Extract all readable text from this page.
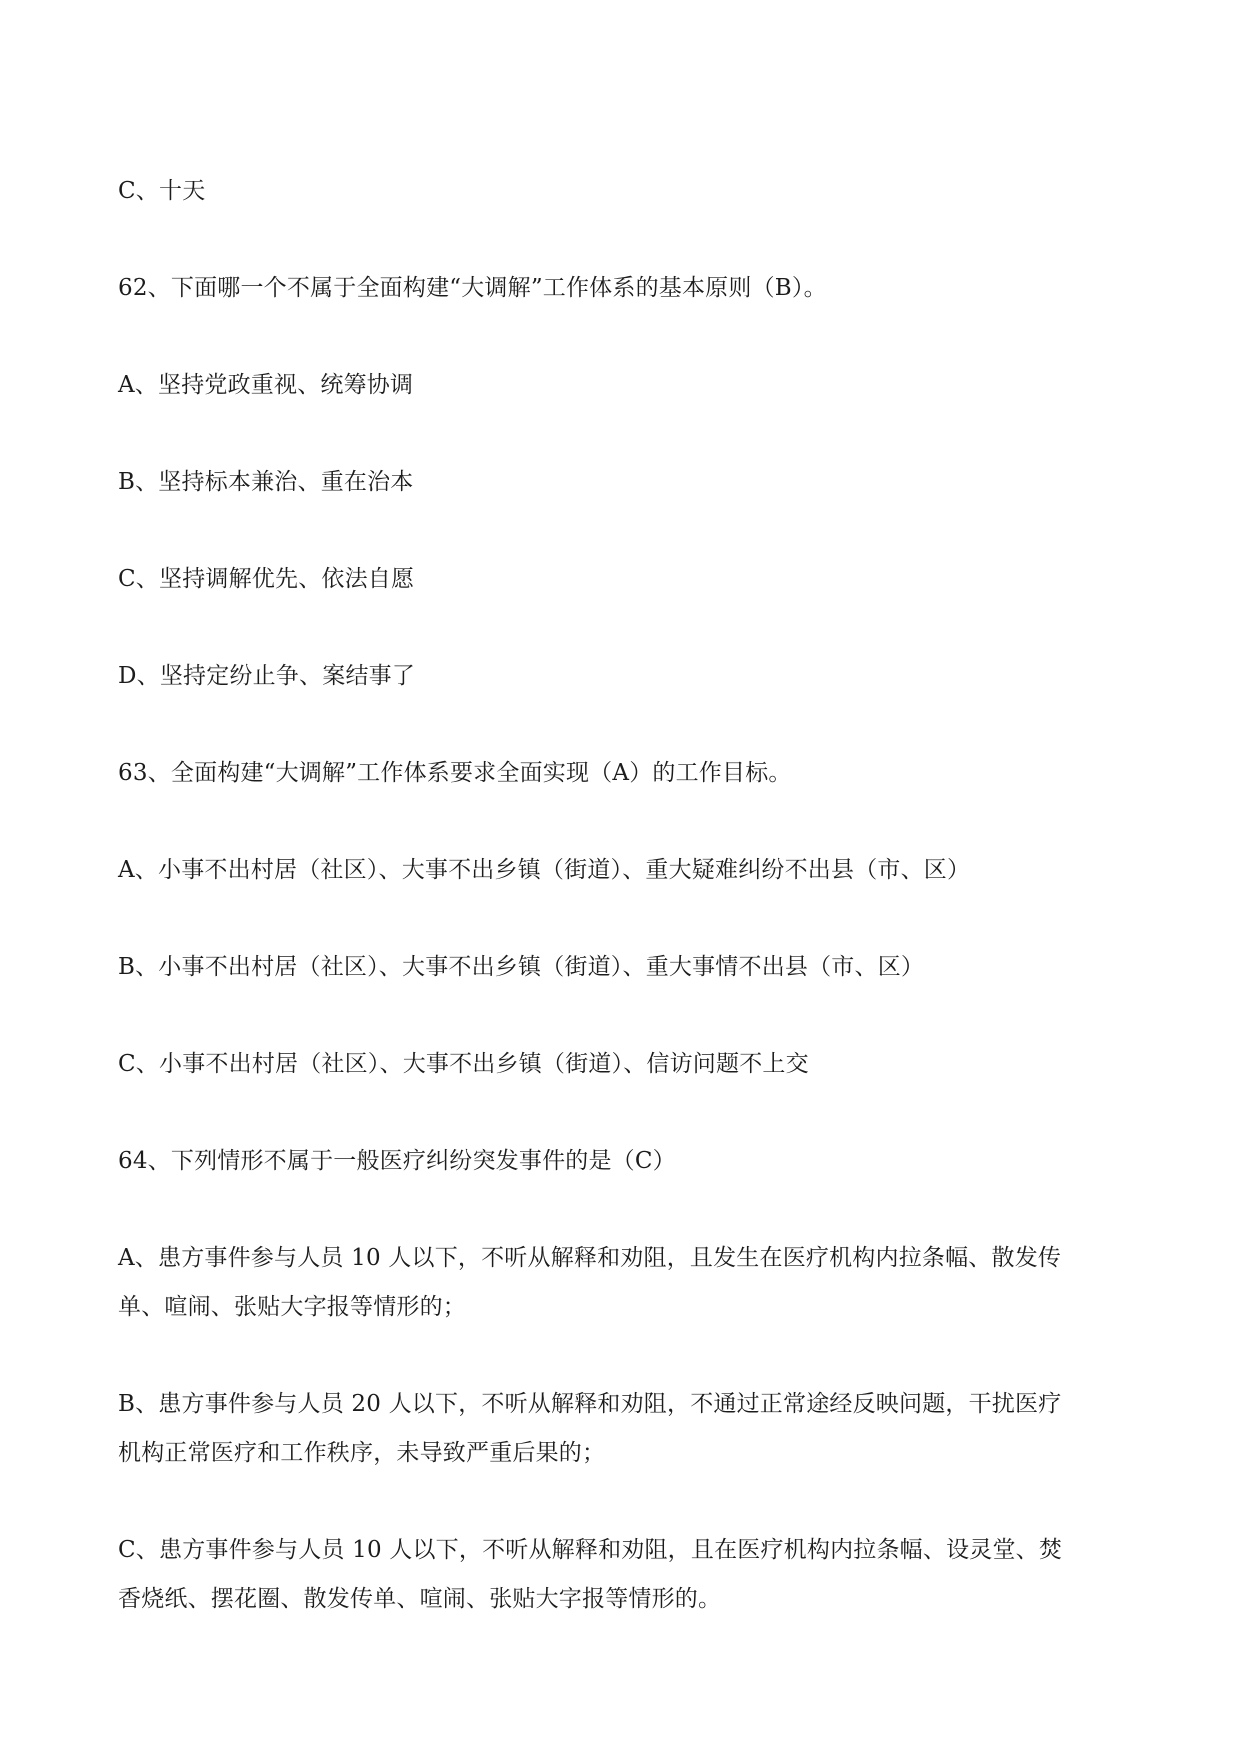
C、十天
62、下面哪一个不属于全面构建“大调解”工作体系的基本原则（B）。
A、坚持党政重视、统筹协调
B、坚持标本兼治、重在治本
C、坚持调解优先、依法自愿
D、坚持定纷止争、案结事了
63、全面构建“大调解”工作体系要求全面实现（A）的工作目标。
A、小事不出村居（社区）、大事不出乡镇（街道）、重大疑难纠纷不出县（市、区）
B、小事不出村居（社区）、大事不出乡镇（街道）、重大事情不出县（市、区）
C、小事不出村居（社区）、大事不出乡镇（街道）、信访问题不上交
64、下列情形不属于一般医疗纠纷突发事件的是（C）
A、患方事件参与人员 10 人以下，不听从解释和劝阻，且发生在医疗机构内拉条幅、散发传
单、喧闹、张贴大字报等情形的；
B、患方事件参与人员 20 人以下，不听从解释和劝阻，不通过正常途经反映问题，干扰医疗
机构正常医疗和工作秩序，未导致严重后果的；
C、患方事件参与人员 10 人以下，不听从解释和劝阻，且在医疗机构内拉条幅、设灵堂、焚
香烧纸、摆花圈、散发传单、喧闹、张贴大字报等情形的。
